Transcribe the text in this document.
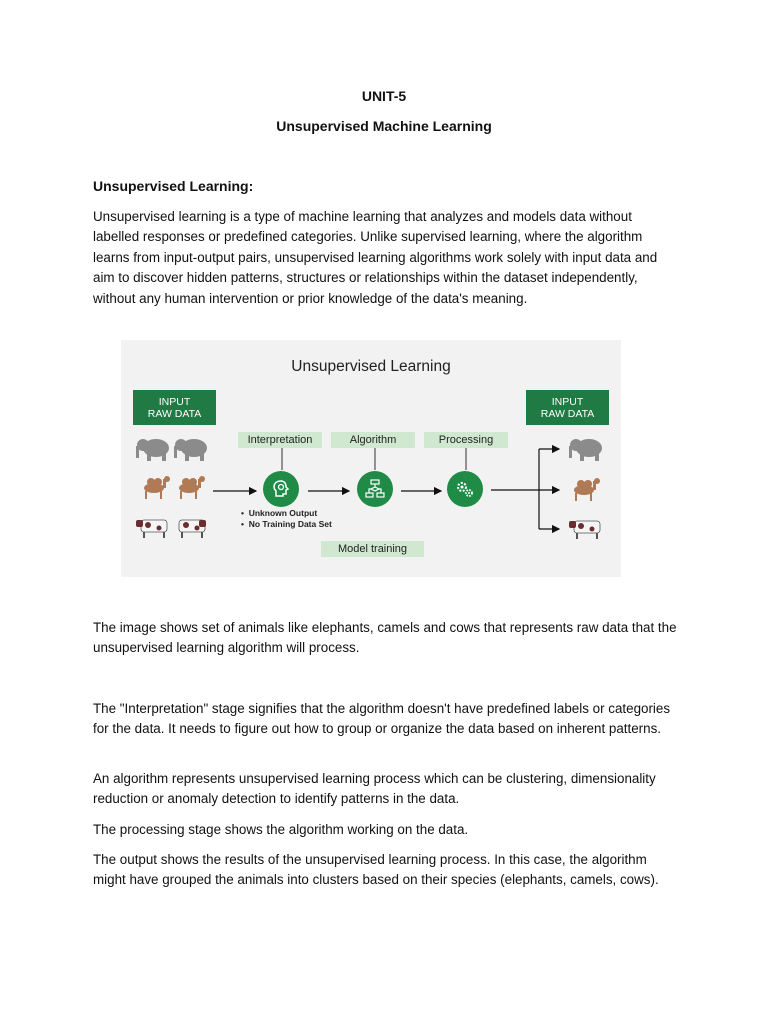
UNIT-5
Unsupervised Machine Learning
Unsupervised Learning:

Unsupervised learning is a type of machine learning that analyzes and models data without labelled responses or predefined categories. Unlike supervised learning, where the algorithm learns from input-output pairs, unsupervised learning algorithms work solely with input data and aim to discover hidden patterns, structures or relationships within the dataset independently, without any human intervention or prior knowledge of the data's meaning.

Unsupervised Learning
INPUT
RAW DATA
INPUT
RAW DATA
Interpretation	Algorithm	Processing
Model training
•  Unknown Output
•  No Training Data Set

The image shows set of animals like elephants, camels and cows that represents raw data that the unsupervised learning algorithm will process.

The "Interpretation" stage signifies that the algorithm doesn't have predefined labels or categories for the data. It needs to figure out how to group or organize the data based on inherent patterns.

An algorithm represents unsupervised learning process which can be clustering, dimensionality reduction or anomaly detection to identify patterns in the data.

The processing stage shows the algorithm working on the data.

The output shows the results of the unsupervised learning process. In this case, the algorithm might have grouped the animals into clusters based on their species (elephants, camels, cows).
